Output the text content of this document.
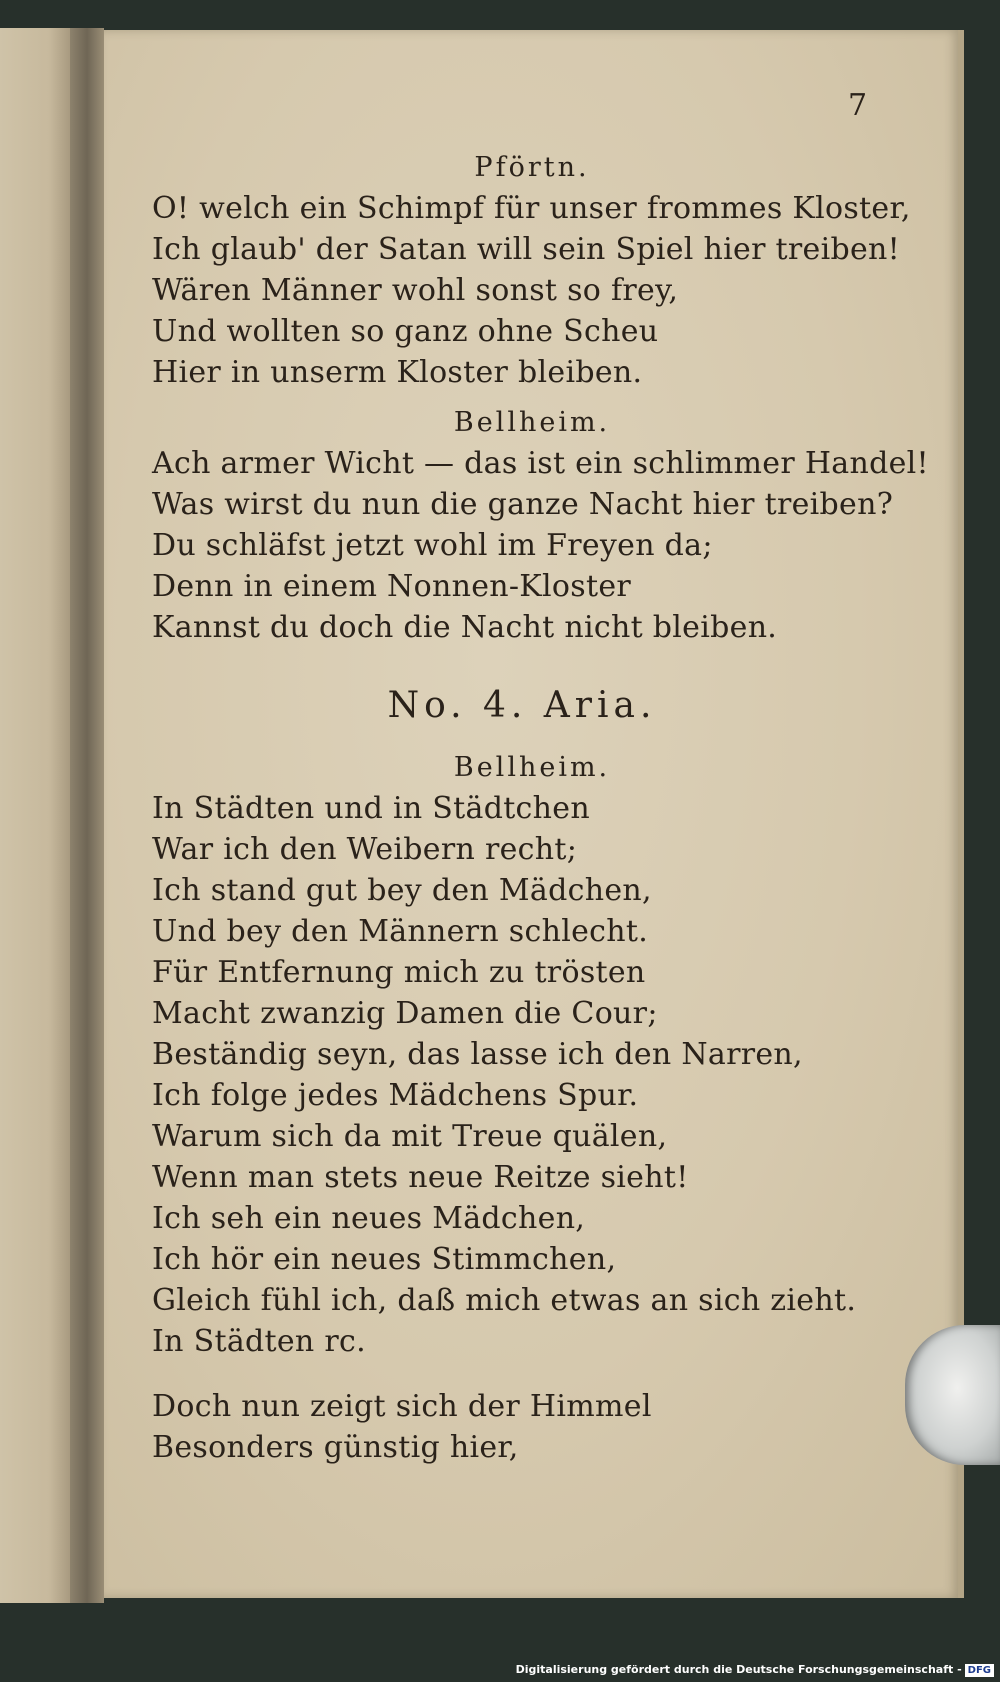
7
Pförtn.
O! welch ein Schimpf für unser frommes Kloster,
Ich glaub' der Satan will sein Spiel hier treiben!
Wären Männer wohl sonst so frey,
Und wollten so ganz ohne Scheu
Hier in unserm Kloster bleiben.
Bellheim.
Ach armer Wicht — das ist ein schlimmer Handel!
Was wirst du nun die ganze Nacht hier treiben?
Du schläfst jetzt wohl im Freyen da;
Denn in einem Nonnen-Kloster
Kannst du doch die Nacht nicht bleiben.
No. 4. Aria.
Bellheim.
In Städten und in Städtchen
War ich den Weibern recht;
Ich stand gut bey den Mädchen,
Und bey den Männern schlecht.
Für Entfernung mich zu trösten
Macht zwanzig Damen die Cour;
Beständig seyn, das lasse ich den Narren,
Ich folge jedes Mädchens Spur.
Warum sich da mit Treue quälen,
Wenn man stets neue Reitze sieht!
Ich seh ein neues Mädchen,
Ich hör ein neues Stimmchen,
Gleich fühl ich, daß mich etwas an sich zieht.
In Städten rc.
Doch nun zeigt sich der Himmel
Besonders günstig hier,
Digitalisierung gefördert durch die Deutsche Forschungsgemeinschaft - DFG
